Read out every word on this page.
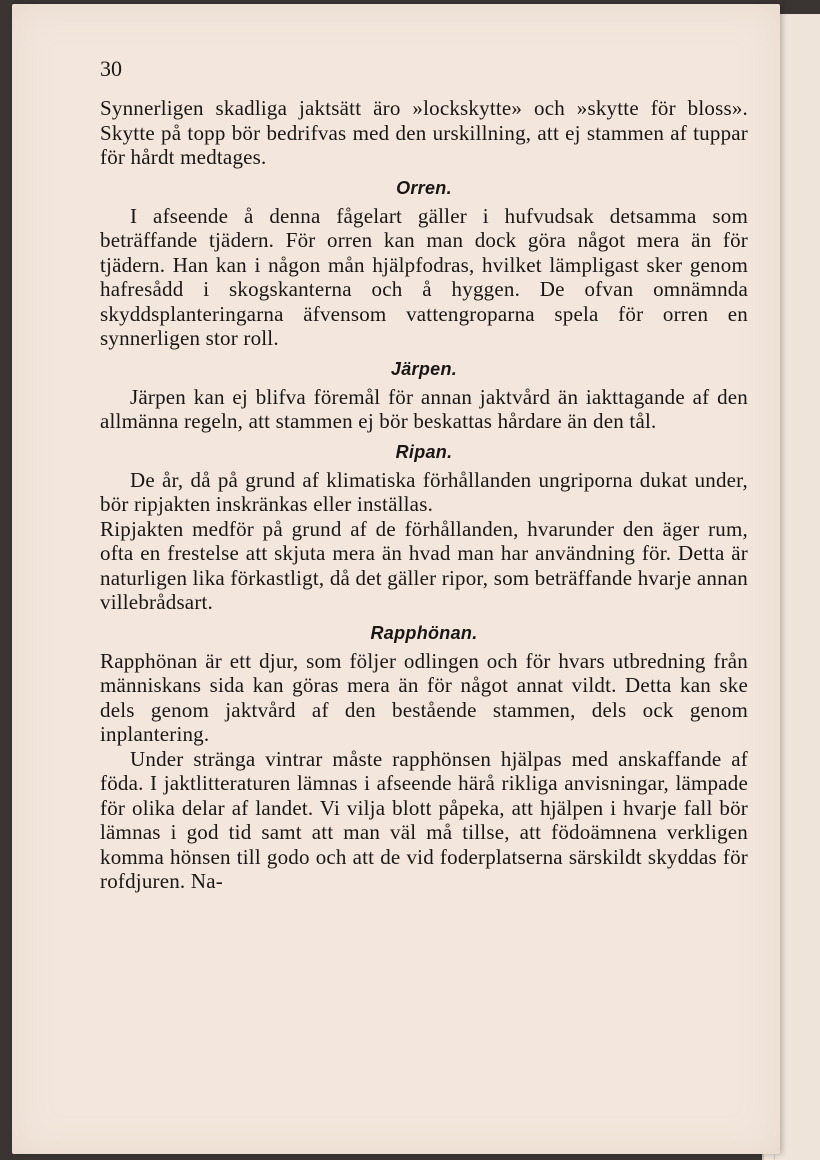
30

Synnerligen skadliga jaktsätt äro »lockskytte» och »skytte för bloss». Skytte på topp bör bedrifvas med den urskillning, att ej stammen af tuppar för hårdt medtages.

Orren.

I afseende å denna fågelart gäller i hufvudsak detsamma som beträffande tjädern. För orren kan man dock göra något mera än för tjädern. Han kan i någon mån hjälpfodras, hvilket lämpligast sker genom hafresådd i skogskanterna och å hyggen. De ofvan omnämnda skyddsplanteringarna äfvensom vattengroparna spela för orren en synnerligen stor roll.

Järpen.

Järpen kan ej blifva föremål för annan jaktvård än iakttagande af den allmänna regeln, att stammen ej bör beskattas hårdare än den tål.

Ripan.

De år, då på grund af klimatiska förhållanden ungriporna dukat under, bör ripjakten inskränkas eller inställas.

Ripjakten medför på grund af de förhållanden, hvarunder den äger rum, ofta en frestelse att skjuta mera än hvad man har användning för. Detta är naturligen lika förkastligt, då det gäller ripor, som beträffande hvarje annan villebrådsart.

Rapphönan.

Rapphönan är ett djur, som följer odlingen och för hvars utbredning från människans sida kan göras mera än för något annat vildt. Detta kan ske dels genom jaktvård af den bestående stammen, dels ock genom inplantering.

Under stränga vintrar måste rapphönsen hjälpas med anskaffande af föda. I jaktlitteraturen lämnas i afseende härå rikliga anvisningar, lämpade för olika delar af landet. Vi vilja blott påpeka, att hjälpen i hvarje fall bör lämnas i god tid samt att man väl må tillse, att födoämnena verkligen komma hönsen till godo och att de vid foderplatserna särskildt skyddas för rofdjuren. Na-
